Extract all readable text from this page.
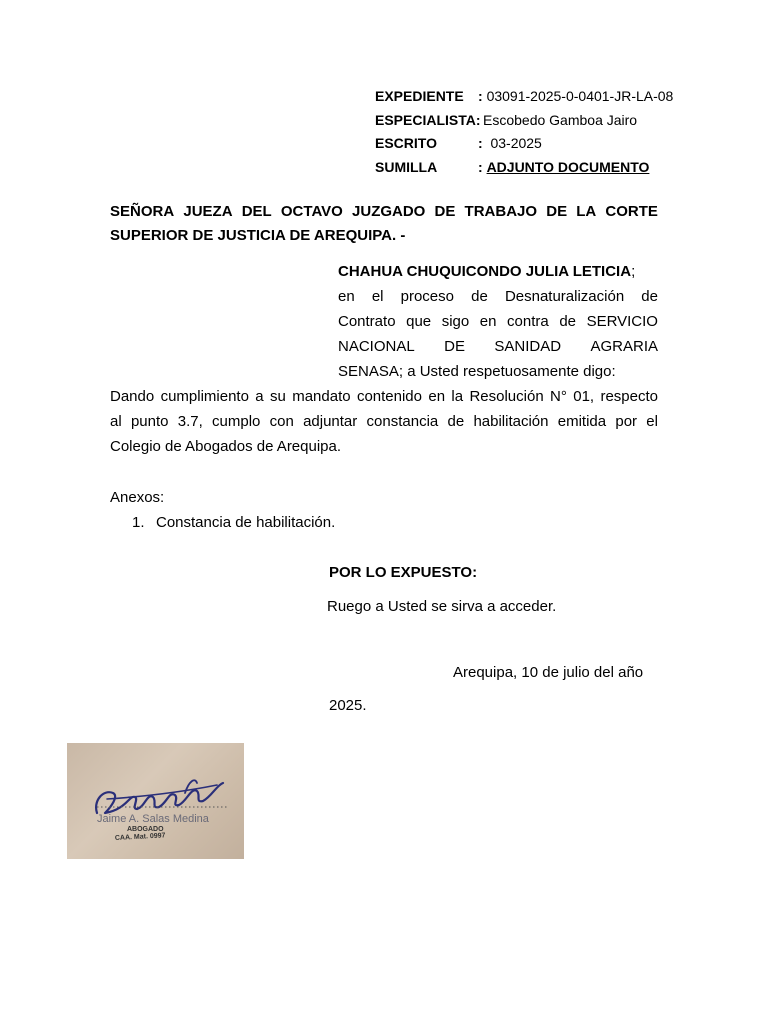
EXPEDIENTE : 03091-2025-0-0401-JR-LA-08
ESPECIALISTA: Escobedo Gamboa Jairo
ESCRITO	: 03-2025
SUMILLA	: ADJUNTO DOCUMENTO
SEÑORA JUEZA DEL OCTAVO JUZGADO DE TRABAJO DE LA CORTE
SUPERIOR DE JUSTICIA DE AREQUIPA. -
CHAHUA CHUQUICONDO JULIA LETICIA;
en el proceso de Desnaturalización de
Contrato que sigo en contra de SERVICIO
NACIONAL DE SANIDAD AGRARIA
SENASA; a Usted respetuosamente digo:
Dando cumplimiento a su mandato contenido en la Resolución N° 01, respecto
al punto 3.7, cumplo con adjuntar constancia de habilitación emitida por el
Colegio de Abogados de Arequipa.
Anexos:
1. Constancia de habilitación.
POR LO EXPUESTO:
Ruego a Usted se sirva a acceder.
Arequipa, 10 de julio del año
2025.
Jaime A. Salas Medina
ABOGADO
CAA. Mat. 0997
